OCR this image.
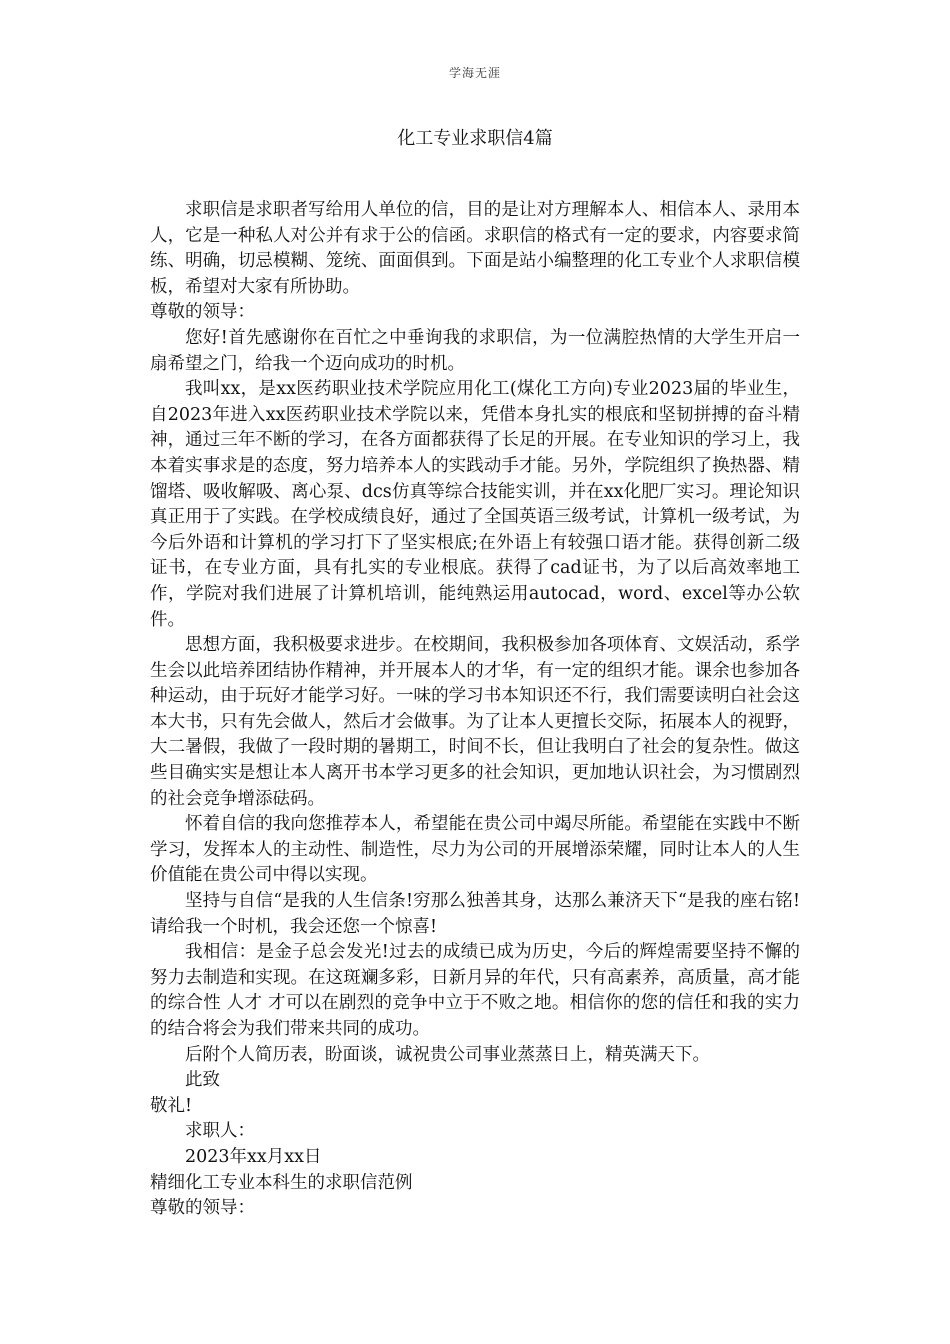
学海无涯
化工专业求职信4篇

求职信是求职者写给用人单位的信，目的是让对方理解本人、相信本人、录用本人，它是一种私人对公并有求于公的信函。求职信的格式有一定的要求，内容要求简练、明确，切忌模糊、笼统、面面俱到。下面是站小编整理的化工专业个人求职信模板，希望对大家有所协助。

尊敬的领导：

您好!首先感谢你在百忙之中垂询我的求职信，为一位满腔热情的大学生开启一扇希望之门，给我一个迈向成功的时机。

我叫xx，是xx医药职业技术学院应用化工(煤化工方向)专业2023届的毕业生，自2023年进入xx医药职业技术学院以来，凭借本身扎实的根底和坚韧拼搏的奋斗精神，通过三年不断的学习，在各方面都获得了长足的开展。在专业知识的学习上，我本着实事求是的态度，努力培养本人的实践动手才能。另外，学院组织了换热器、精馏塔、吸收解吸、离心泵、dcs仿真等综合技能实训，并在xx化肥厂实习。理论知识真正用于了实践。在学校成绩良好，通过了全国英语三级考试，计算机一级考试，为今后外语和计算机的学习打下了坚实根底;在外语上有较强口语才能。获得创新二级证书，在专业方面，具有扎实的专业根底。获得了cad证书，为了以后高效率地工作，学院对我们进展了计算机培训，能纯熟运用autocad，word、excel等办公软件。

思想方面，我积极要求进步。在校期间，我积极参加各项体育、文娱活动，系学生会以此培养团结协作精神，并开展本人的才华，有一定的组织才能。课余也参加各种运动，由于玩好才能学习好。一味的学习书本知识还不行，我们需要读明白社会这本大书，只有先会做人，然后才会做事。为了让本人更擅长交际，拓展本人的视野，大二暑假，我做了一段时期的暑期工，时间不长，但让我明白了社会的复杂性。做这些目确实实是想让本人离开书本学习更多的社会知识，更加地认识社会，为习惯剧烈的社会竞争增添砝码。

怀着自信的我向您推荐本人，希望能在贵公司中竭尽所能。希望能在实践中不断学习，发挥本人的主动性、制造性，尽力为公司的开展增添荣耀，同时让本人的人生价值能在贵公司中得以实现。

坚持与自信“是我的人生信条!穷那么独善其身，达那么兼济天下“是我的座右铭!请给我一个时机，我会还您一个惊喜!

我相信：是金子总会发光!过去的成绩已成为历史，今后的辉煌需要坚持不懈的努力去制造和实现。在这斑斓多彩，日新月异的年代，只有高素养，高质量，高才能的综合性 人才 才可以在剧烈的竞争中立于不败之地。相信你的您的信任和我的实力的结合将会为我们带来共同的成功。

后附个人简历表，盼面谈，诚祝贵公司事业蒸蒸日上，精英满天下。

此致

敬礼!

求职人：

2023年xx月xx日

精细化工专业本科生的求职信范例

尊敬的领导：
